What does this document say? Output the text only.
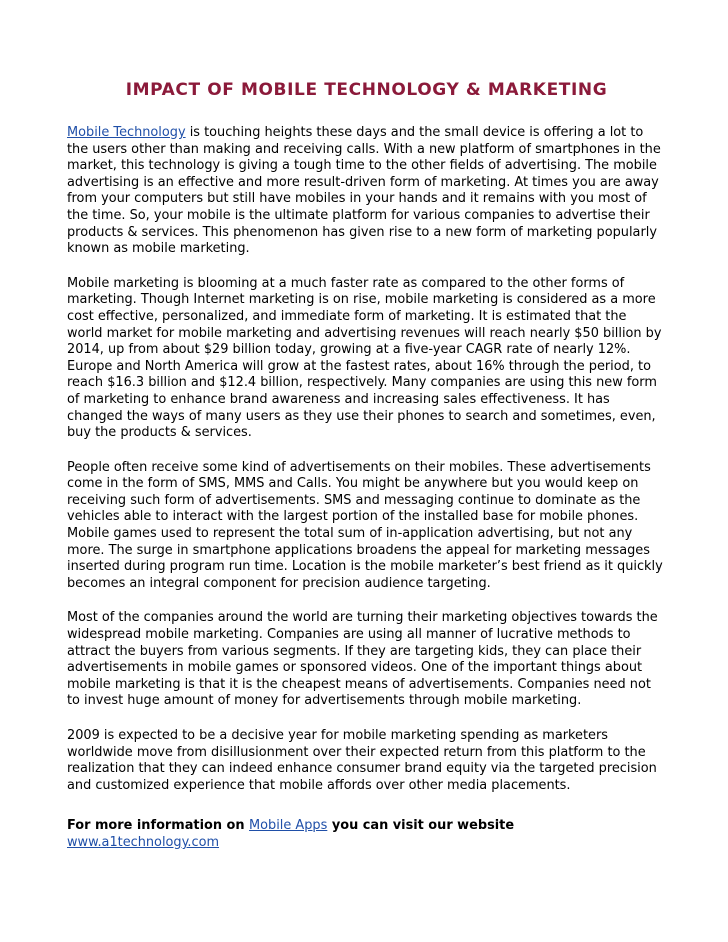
IMPACT OF MOBILE TECHNOLOGY & MARKETING

Mobile Technology is touching heights these days and the small device is offering a lot to the users other than making and receiving calls. With a new platform of smartphones in the market, this technology is giving a tough time to the other fields of advertising. The mobile advertising is an effective and more result-driven form of marketing. At times you are away from your computers but still have mobiles in your hands and it remains with you most of the time. So, your mobile is the ultimate platform for various companies to advertise their products & services. This phenomenon has given rise to a new form of marketing popularly known as mobile marketing.

Mobile marketing is blooming at a much faster rate as compared to the other forms of marketing. Though Internet marketing is on rise, mobile marketing is considered as a more cost effective, personalized, and immediate form of marketing. It is estimated that the world market for mobile marketing and advertising revenues will reach nearly $50 billion by 2014, up from about $29 billion today, growing at a five-year CAGR rate of nearly 12%. Europe and North America will grow at the fastest rates, about 16% through the period, to reach $16.3 billion and $12.4 billion, respectively. Many companies are using this new form of marketing to enhance brand awareness and increasing sales effectiveness. It has changed the ways of many users as they use their phones to search and sometimes, even, buy the products & services.

People often receive some kind of advertisements on their mobiles. These advertisements come in the form of SMS, MMS and Calls. You might be anywhere but you would keep on receiving such form of advertisements. SMS and messaging continue to dominate as the vehicles able to interact with the largest portion of the installed base for mobile phones. Mobile games used to represent the total sum of in-application advertising, but not any more. The surge in smartphone applications broadens the appeal for marketing messages inserted during program run time. Location is the mobile marketer’s best friend as it quickly becomes an integral component for precision audience targeting.

Most of the companies around the world are turning their marketing objectives towards the widespread mobile marketing. Companies are using all manner of lucrative methods to attract the buyers from various segments. If they are targeting kids, they can place their advertisements in mobile games or sponsored videos. One of the important things about mobile marketing is that it is the cheapest means of advertisements. Companies need not to invest huge amount of money for advertisements through mobile marketing.

2009 is expected to be a decisive year for mobile marketing spending as marketers worldwide move from disillusionment over their expected return from this platform to the realization that they can indeed enhance consumer brand equity via the targeted precision and customized experience that mobile affords over other media placements.

For more information on Mobile Apps you can visit our website
www.a1technology.com
